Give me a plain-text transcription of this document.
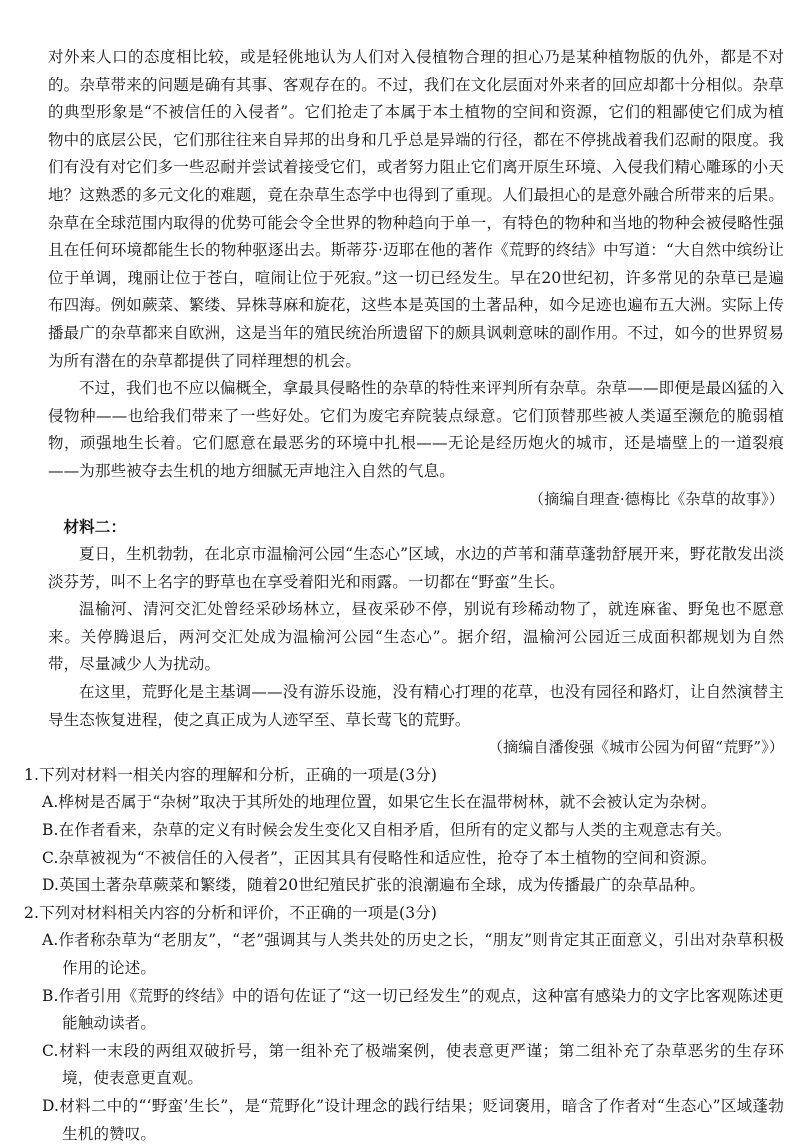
对外来人口的态度相比较，或是轻佻地认为人们对入侵植物合理的担心乃是某种植物版的仇外，都是不对的。杂草带来的问题是确有其事、客观存在的。不过，我们在文化层面对外来者的回应却都十分相似。杂草的典型形象是“不被信任的入侵者”。它们抢走了本属于本土植物的空间和资源，它们的粗鄙使它们成为植物中的底层公民，它们那往往来自异邦的出身和几乎总是异端的行径，都在不停挑战着我们忍耐的限度。我们有没有对它们多一些忍耐并尝试着接受它们，或者努力阻止它们离开原生环境、入侵我们精心雕琢的小天地？这熟悉的多元文化的难题，竟在杂草生态学中也得到了重现。人们最担心的是意外融合所带来的后果。杂草在全球范围内取得的优势可能会令全世界的物种趋向于单一，有特色的物种和当地的物种会被侵略性强且在任何环境都能生长的物种驱逐出去。斯蒂芬·迈耶在他的著作《荒野的终结》中写道：“大自然中缤纷让位于单调，瑰丽让位于苍白，喧闹让位于死寂。”这一切已经发生。早在20世纪初，许多常见的杂草已是遍布四海。例如蕨菜、繁缕、异株荨麻和旋花，这些本是英国的土著品种，如今足迹也遍布五大洲。实际上传播最广的杂草都来自欧洲，这是当年的殖民统治所遗留下的颇具讽刺意味的副作用。不过，如今的世界贸易为所有潜在的杂草都提供了同样理想的机会。

不过，我们也不应以偏概全，拿最具侵略性的杂草的特性来评判所有杂草。杂草——即便是最凶猛的入侵物种——也给我们带来了一些好处。它们为废宅弃院装点绿意。它们顶替那些被人类逼至濒危的脆弱植物，顽强地生长着。它们愿意在最恶劣的环境中扎根——无论是经历炮火的城市，还是墙壁上的一道裂痕——为那些被夺去生机的地方细腻无声地注入自然的气息。

（摘编自理查·德梅比《杂草的故事》）

材料二：

夏日，生机勃勃，在北京市温榆河公园“生态心”区域，水边的芦苇和蒲草蓬勃舒展开来，野花散发出淡淡芬芳，叫不上名字的野草也在享受着阳光和雨露。一切都在“野蛮”生长。

温榆河、清河交汇处曾经采砂场林立，昼夜采砂不停，别说有珍稀动物了，就连麻雀、野兔也不愿意来。关停腾退后，两河交汇处成为温榆河公园“生态心”。据介绍，温榆河公园近三成面积都规划为自然带，尽量减少人为扰动。

在这里，荒野化是主基调——没有游乐设施，没有精心打理的花草，也没有园径和路灯，让自然演替主导生态恢复进程，使之真正成为人迹罕至、草长莺飞的荒野。

（摘编自潘俊强《城市公园为何留“荒野”》）

1.下列对材料一相关内容的理解和分析，正确的一项是(3分)

A.桦树是否属于“杂树”取决于其所处的地理位置，如果它生长在温带树林，就不会被认定为杂树。

B.在作者看来，杂草的定义有时候会发生变化又自相矛盾，但所有的定义都与人类的主观意志有关。

C.杂草被视为“不被信任的入侵者”，正因其具有侵略性和适应性，抢夺了本土植物的空间和资源。

D.英国土著杂草蕨菜和繁缕，随着20世纪殖民扩张的浪潮遍布全球，成为传播最广的杂草品种。

2.下列对材料相关内容的分析和评价，不正确的一项是(3分)

A.作者称杂草为“老朋友”，“老”强调其与人类共处的历史之长，“朋友”则肯定其正面意义，引出对杂草积极作用的论述。

B.作者引用《荒野的终结》中的语句佐证了“这一切已经发生”的观点，这种富有感染力的文字比客观陈述更能触动读者。

C.材料一末段的两组双破折号，第一组补充了极端案例，使表意更严谨；第二组补充了杂草恶劣的生存环境，使表意更直观。

D.材料二中的“‘野蛮’生长”，是“荒野化”设计理念的践行结果；贬词褒用，暗含了作者对“生态心”区域蓬勃生机的赞叹。
